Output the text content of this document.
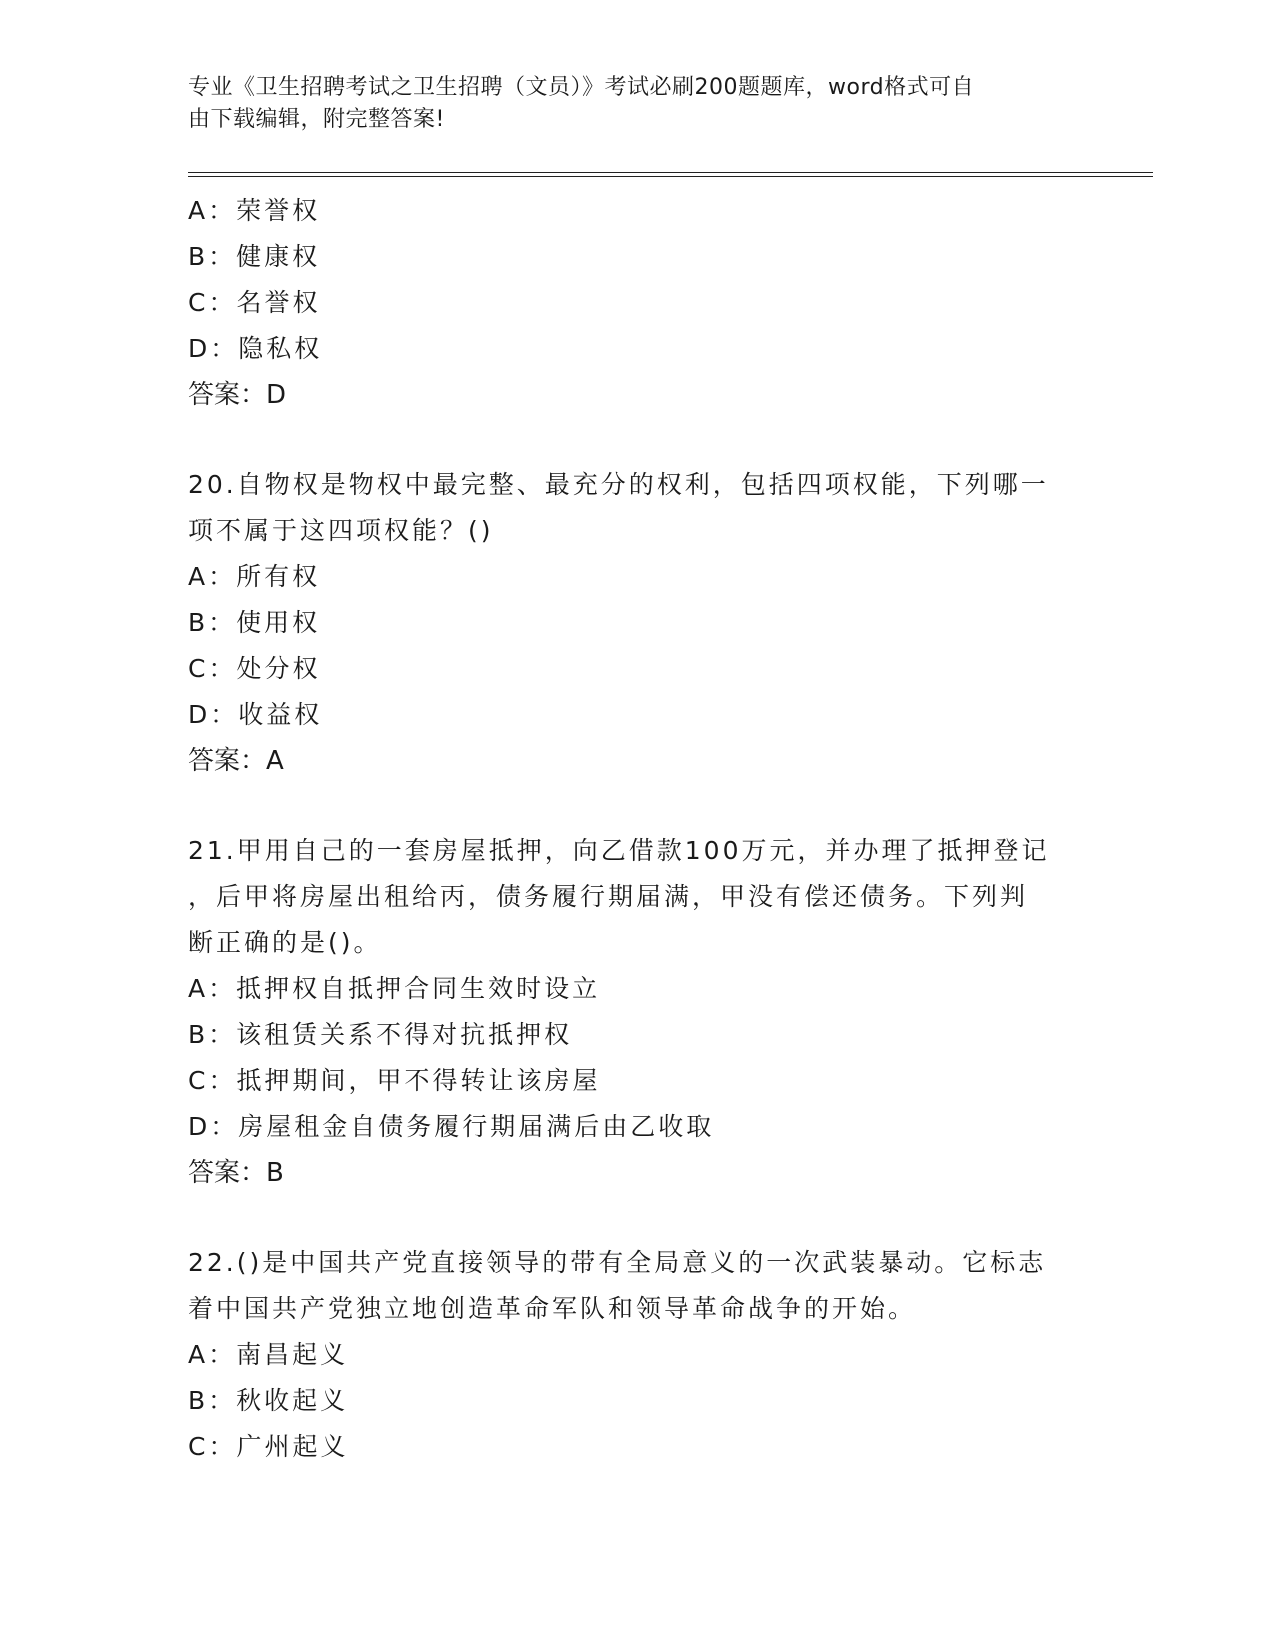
专业《卫生招聘考试之卫生招聘（文员）》考试必刷200题题库，word格式可自
由下载编辑，附完整答案!
A：荣誉权
B：健康权
C：名誉权
D：隐私权
答案：D
20.自物权是物权中最完整、最充分的权利，包括四项权能，下列哪一
项不属于这四项权能？()
A：所有权
B：使用权
C：处分权
D：收益权
答案：A
21.甲用自己的一套房屋抵押，向乙借款100万元，并办理了抵押登记
，后甲将房屋出租给丙，债务履行期届满，甲没有偿还债务。下列判
断正确的是()。
A：抵押权自抵押合同生效时设立
B：该租赁关系不得对抗抵押权
C：抵押期间，甲不得转让该房屋
D：房屋租金自债务履行期届满后由乙收取
答案：B
22.()是中国共产党直接领导的带有全局意义的一次武装暴动。它标志
着中国共产党独立地创造革命军队和领导革命战争的开始。
A：南昌起义
B：秋收起义
C：广州起义
